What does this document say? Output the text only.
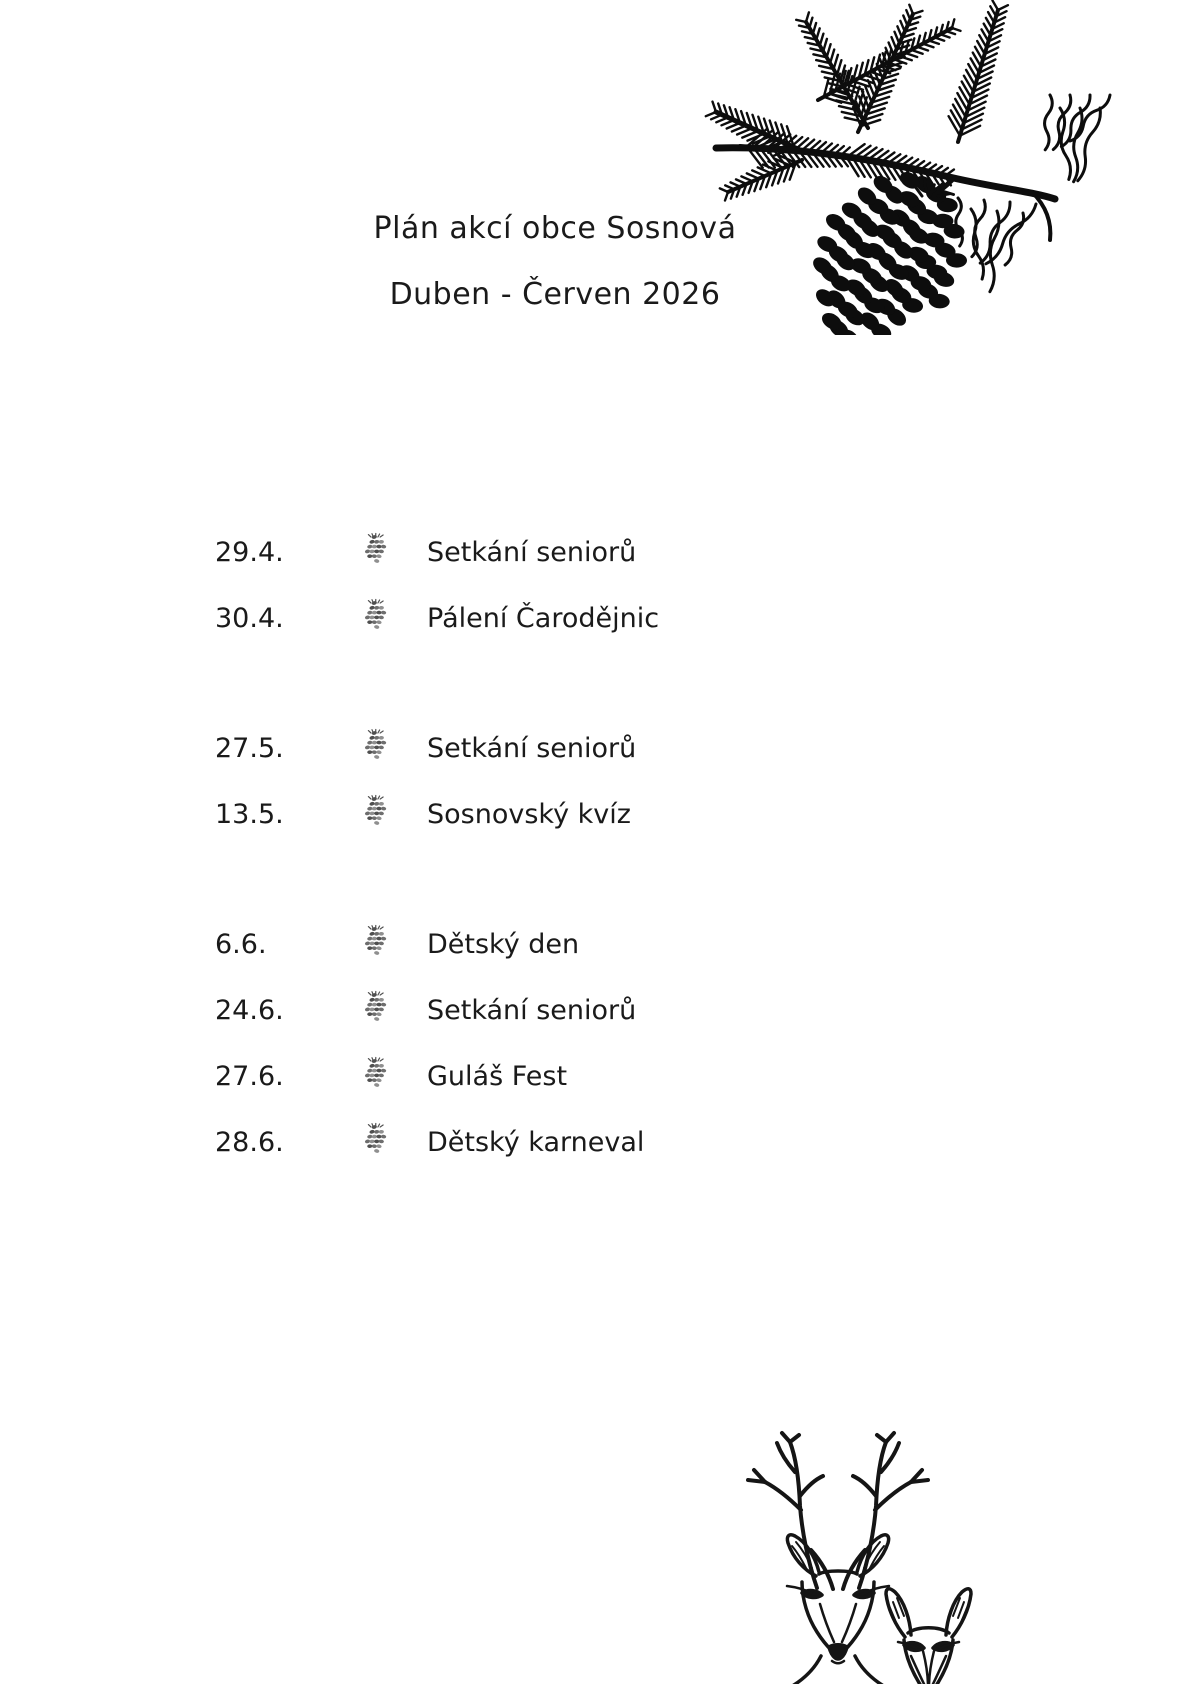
Plán akcí obce Sosnová
Duben - Červen 2026
29.4.	Setkání seniorů
30.4.	Pálení Čarodějnic
27.5.	Setkání seniorů
13.5.	Sosnovský kvíz
6.6.	Dětský den
24.6.	Setkání seniorů
27.6.	Guláš Fest
28.6.	Dětský karneval
